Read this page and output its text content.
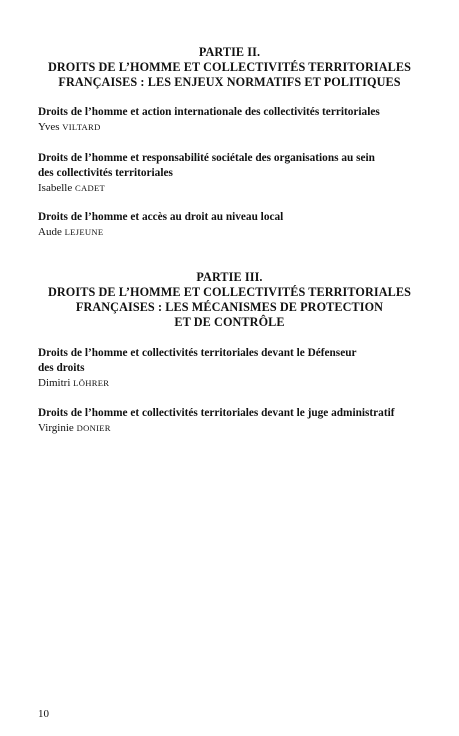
PARTIE II.
DROITS DE L’HOMME ET COLLECTIVITÉS TERRITORIALES
FRANÇAISES : LES ENJEUX NORMATIFS ET POLITIQUES
Droits de l’homme et action internationale des collectivités territoriales
Yves VILTARD
Droits de l’homme et responsabilité sociétale des organisations au sein
des collectivités territoriales
Isabelle CADET
Droits de l’homme et accès au droit au niveau local
Aude LEJEUNE
PARTIE III.
DROITS DE L’HOMME ET COLLECTIVITÉS TERRITORIALES
FRANÇAISES : LES MÉCANISMES DE PROTECTION
ET DE CONTRÔLE
Droits de l’homme et collectivités territoriales devant le Défenseur
des droits
Dimitri LÖHRER
Droits de l’homme et collectivités territoriales devant le juge administratif
Virginie DONIER
10
